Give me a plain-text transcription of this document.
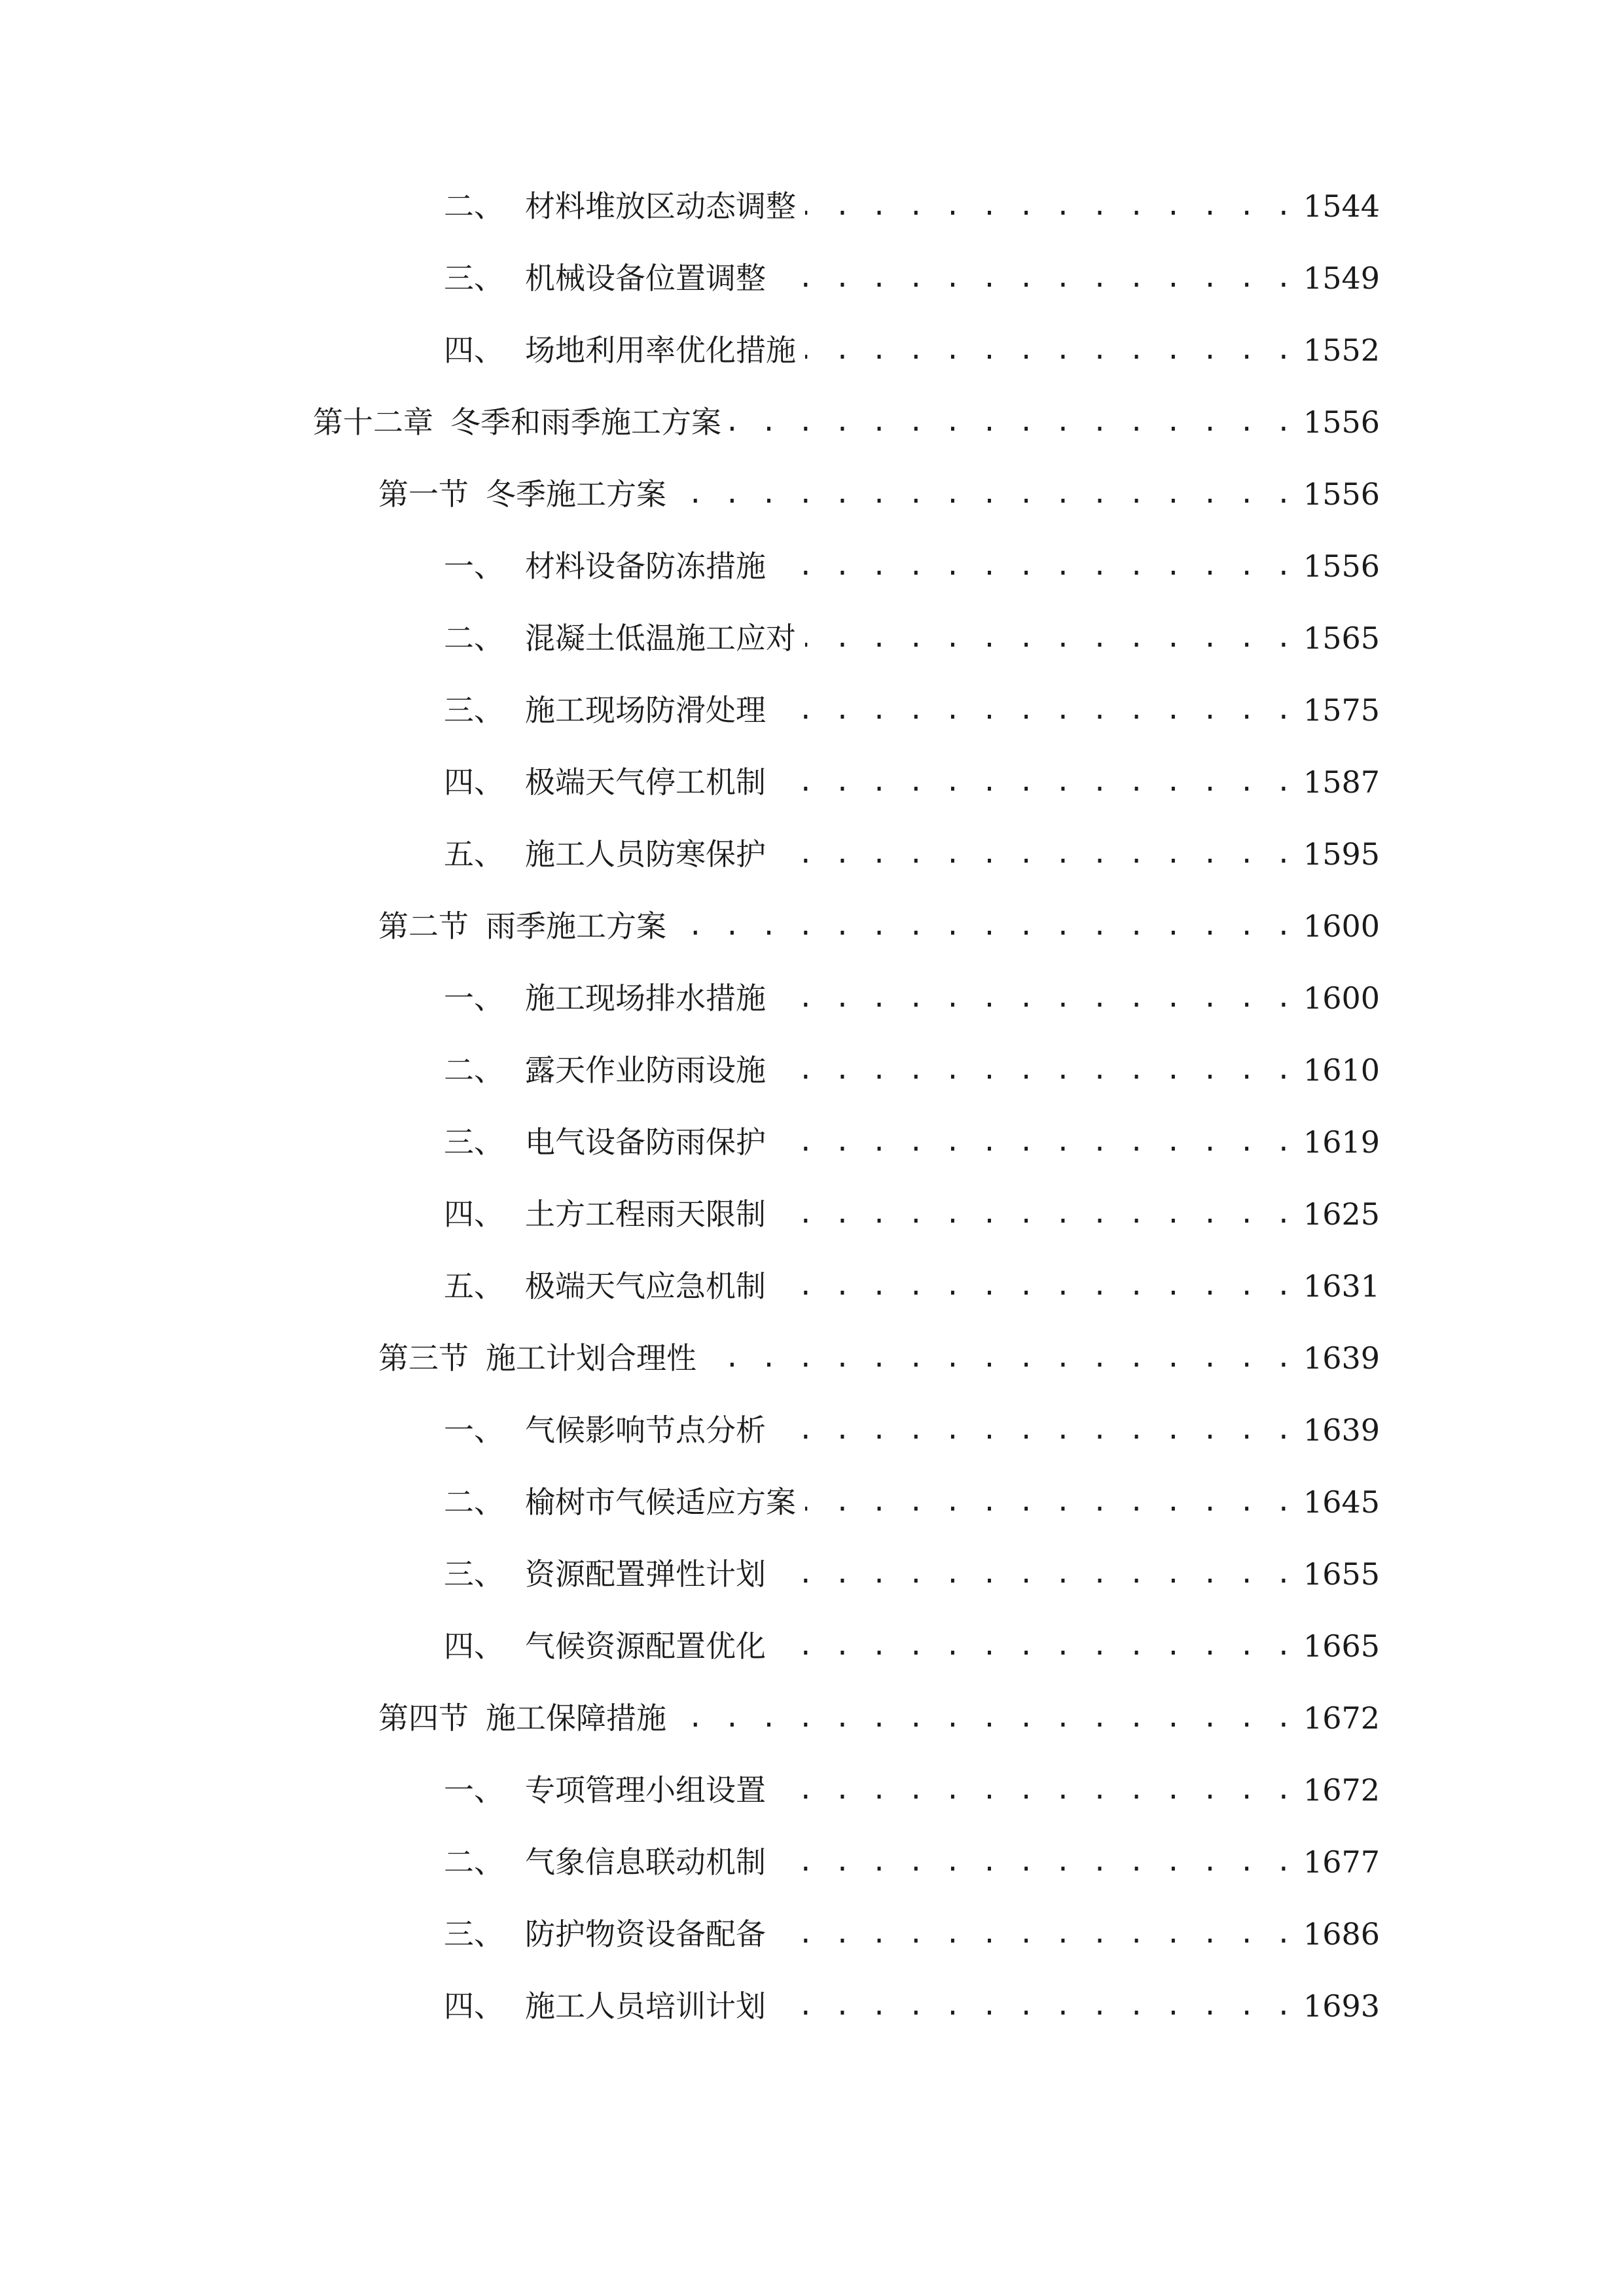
二、 材料堆放区动态调整 . . .	1544
三、 机械设备位置调整 . . .	1549
四、 场地利用率优化措施 . . .	1552
第十二章 冬季和雨季施工方案 . . .	1556
第一节 冬季施工方案 . . .	1556
一、 材料设备防冻措施 . . .	1556
二、 混凝土低温施工应对 . . .	1565
三、 施工现场防滑处理 . . .	1575
四、 极端天气停工机制 . . .	1587
五、 施工人员防寒保护 . . .	1595
第二节 雨季施工方案 . . .	1600
一、 施工现场排水措施 . . .	1600
二、 露天作业防雨设施 . . .	1610
三、 电气设备防雨保护 . . .	1619
四、 土方工程雨天限制 . . .	1625
五、 极端天气应急机制 . . .	1631
第三节 施工计划合理性 . . .	1639
一、 气候影响节点分析 . . .	1639
二、 榆树市气候适应方案 . . .	1645
三、 资源配置弹性计划 . . .	1655
四、 气候资源配置优化 . . .	1665
第四节 施工保障措施 . . .	1672
一、 专项管理小组设置 . . .	1672
二、 气象信息联动机制 . . .	1677
三、 防护物资设备配备 . . .	1686
四、 施工人员培训计划 . . .	1693
